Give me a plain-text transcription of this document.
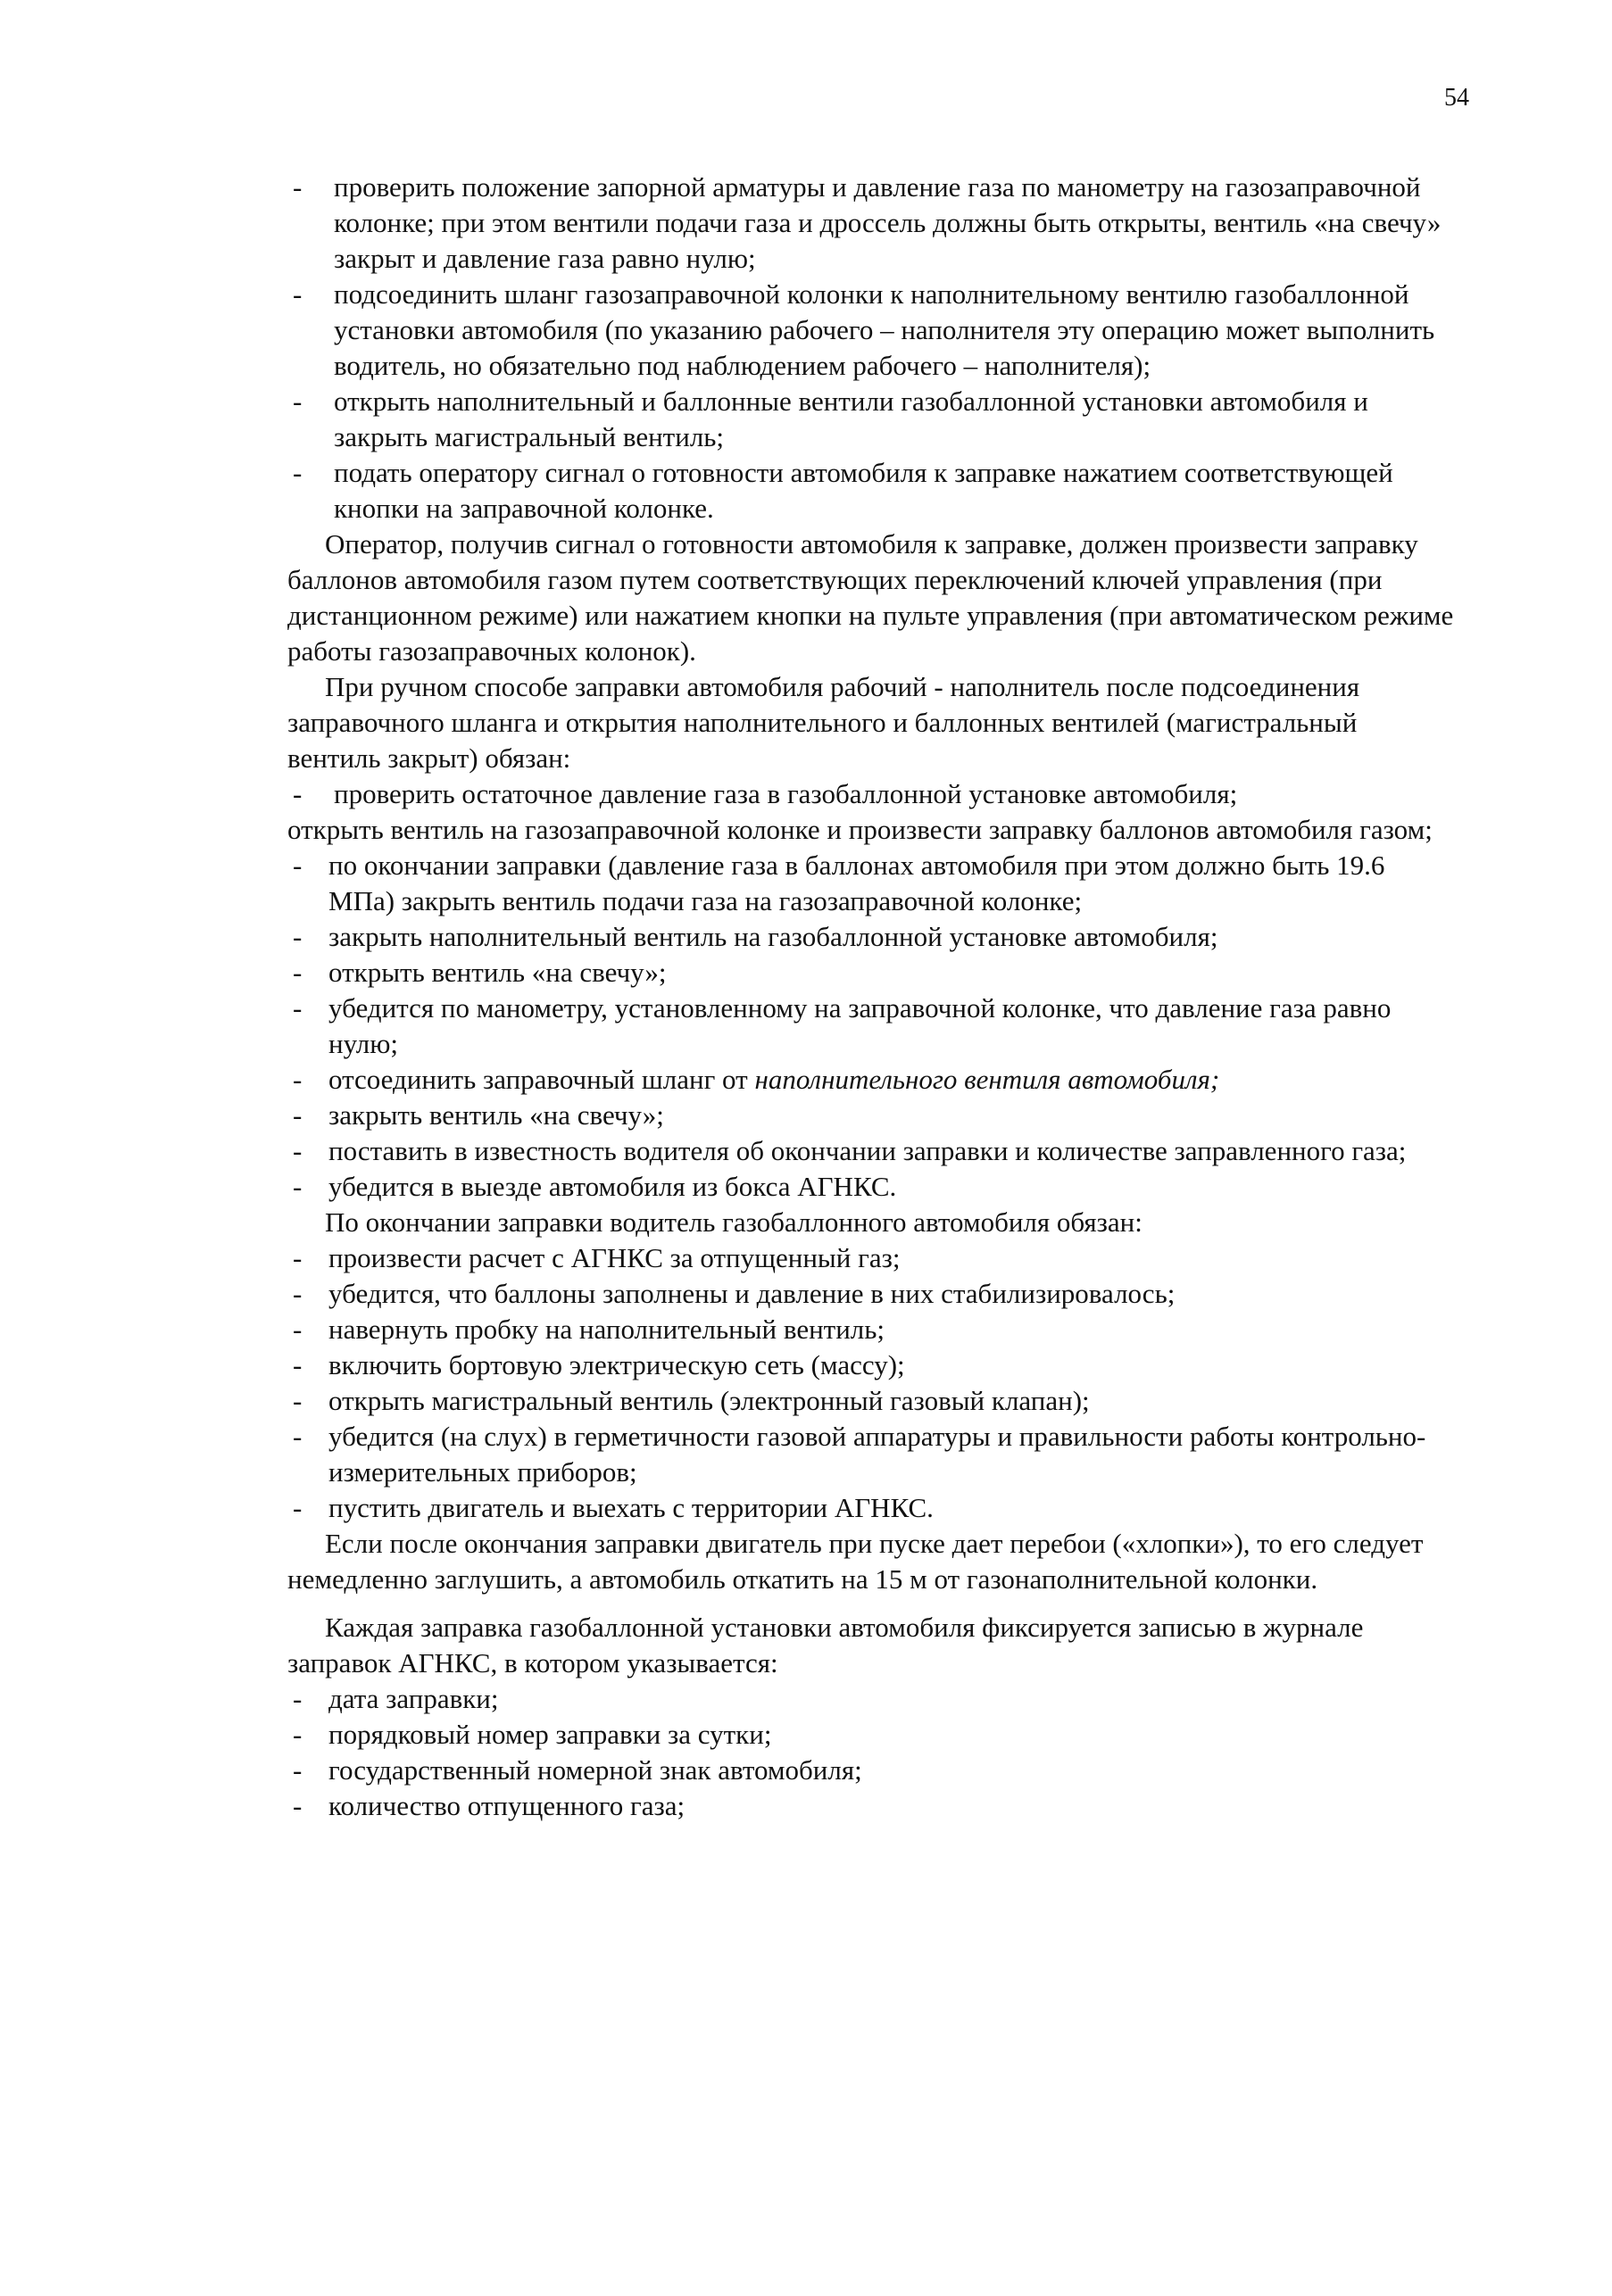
54
- проверить положение запорной арматуры и давление газа по манометру на газозаправочной колонке; при этом вентили подачи газа и дроссель должны быть открыты, вентиль «на свечу» закрыт и давление газа равно нулю;
- подсоединить шланг газозаправочной колонки к наполнительному вентилю газобаллонной установки автомобиля (по указанию рабочего – наполнителя эту операцию может выполнить водитель, но обязательно под наблюдением рабочего – наполнителя);
- открыть наполнительный и баллонные вентили газобаллонной установки автомобиля и закрыть магистральный вентиль;
- подать оператору сигнал о готовности автомобиля к заправке нажатием соответствующей кнопки на заправочной колонке.

Оператор, получив сигнал о готовности автомобиля к заправке, должен произвести заправку баллонов автомобиля газом путем соответствующих переключений ключей управления (при дистанционном режиме) или нажатием кнопки на пульте управления (при автоматическом режиме работы газозаправочных колонок).

При ручном способе заправки автомобиля рабочий - наполнитель после подсоединения заправочного шланга и открытия наполнительного и баллонных вентилей (магистральный вентиль закрыт) обязан:

- проверить остаточное давление газа в газобаллонной установке автомобиля;

открыть вентиль на газозаправочной колонке и произвести заправку баллонов автомобиля газом;

- по окончании заправки (давление газа в баллонах автомобиля при этом должно быть 19.6 МПа) закрыть вентиль подачи газа на газозаправочной колонке;
- закрыть наполнительный вентиль на газобаллонной установке автомобиля;
- открыть вентиль «на свечу»;
- убедится по манометру, установленному на заправочной колонке, что давление газа равно нулю;
- отсоединить заправочный шланг от наполнительного вентиля автомобиля;
- закрыть вентиль «на свечу»;
- поставить в известность водителя об окончании заправки и количестве заправленного газа;
- убедится в выезде автомобиля из бокса АГНКС.

По окончании заправки водитель газобаллонного автомобиля обязан:

- произвести расчет с АГНКС за отпущенный газ;
- убедится, что баллоны заполнены и давление в них стабилизировалось;
- навернуть пробку на наполнительный вентиль;
- включить бортовую электрическую сеть (массу);
- открыть магистральный вентиль (электронный газовый клапан);
- убедится (на слух) в герметичности газовой аппаратуры и правильности работы контрольно-измерительных приборов;
- пустить двигатель и выехать с территории АГНКС.

Если после окончания заправки двигатель при пуске дает перебои («хлопки»), то его следует немедленно заглушить, а автомобиль откатить на 15 м от газонаполнительной колонки.

Каждая заправка газобаллонной установки автомобиля фиксируется записью в журнале заправок АГНКС, в котором указывается:

- дата заправки;
- порядковый номер заправки за сутки;
- государственный номерной знак автомобиля;
- количество отпущенного газа;
